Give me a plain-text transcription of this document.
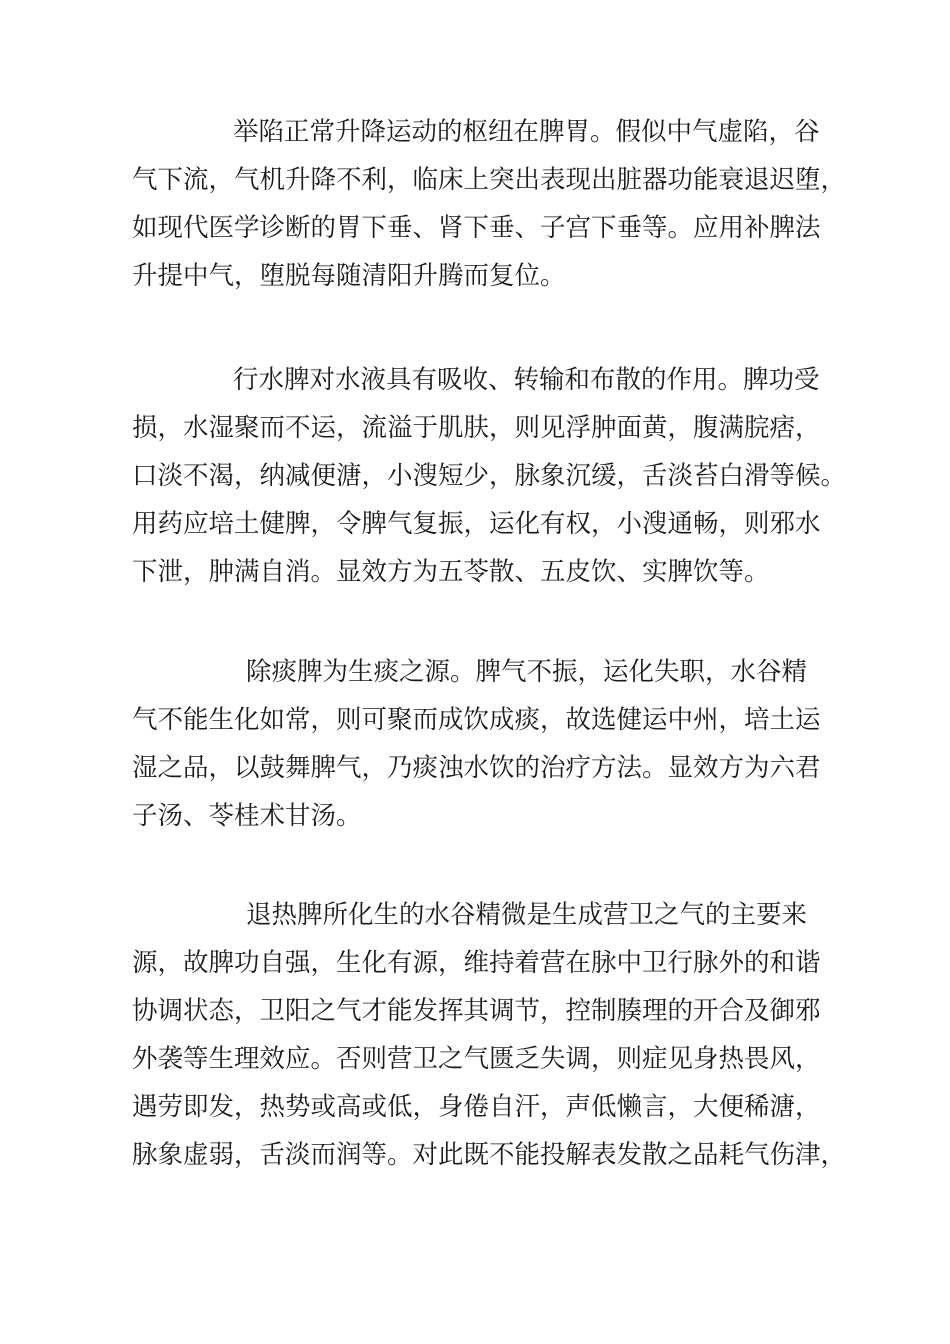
举陷正常升降运动的枢纽在脾胃。假似中气虚陷，谷
气下流，气机升降不利，临床上突出表现出脏器功能衰退迟堕，
如现代医学诊断的胃下垂、肾下垂、子宫下垂等。应用补脾法
升提中气，堕脱每随清阳升腾而复位。
行水脾对水液具有吸收、转输和布散的作用。脾功受
损，水湿聚而不运，流溢于肌肤，则见浮肿面黄，腹满脘痞，
口淡不渴，纳减便溏，小溲短少，脉象沉缓，舌淡苔白滑等候。
用药应培土健脾，令脾气复振，运化有权，小溲通畅，则邪水
下泄，肿满自消。显效方为五苓散、五皮饮、实脾饮等。
除痰脾为生痰之源。脾气不振，运化失职，水谷精
气不能生化如常，则可聚而成饮成痰，故选健运中州，培土运
湿之品，以鼓舞脾气，乃痰浊水饮的治疗方法。显效方为六君
子汤、苓桂术甘汤。
退热脾所化生的水谷精微是生成营卫之气的主要来
源，故脾功自强，生化有源，维持着营在脉中卫行脉外的和谐
协调状态，卫阳之气才能发挥其调节，控制腠理的开合及御邪
外袭等生理效应。否则营卫之气匮乏失调，则症见身热畏风，
遇劳即发，热势或高或低，身倦自汗，声低懒言，大便稀溏，
脉象虚弱，舌淡而润等。对此既不能投解表发散之品耗气伤津，
